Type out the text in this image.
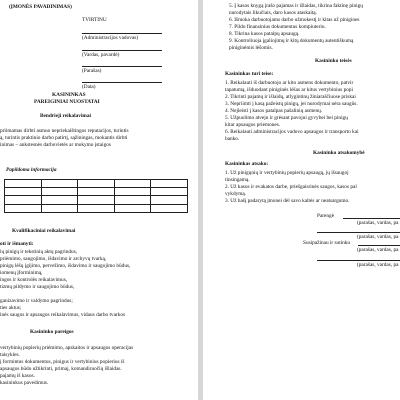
(ĮMONĖS PAVADINIMAS)
TVIRTINU
(Administracijos vadovas)
(Vardas, pavardė)
(Parašas)
(Data)
KASININKAS
PAREIGINIAI NUOSTATAI
Bendrieji reikalavimai
priimamas dirbti asmuo nepriekaištingos reputacijos, turintis
ą, turintis praktinio darbo patirtį, sąžiningas, mokantis dirbti
inimas – ankstesnės darbovietės ar mokymo įstaigos
Papildoma informacija

Kvalifikaciniai reikalavimai
oti ir išmanyti:
ių pinigų ir tekstinių aktų pagrindus,
priėmimo, saugojimo, išdavimo ir archyvų tvarką,
pinigų lėšų įgijimo, pervežimo, išdavimo ir saugojimo būdus,
iomenų įforminimą,
ingos ir kontrolės reikalavimus,
tizmų pildymo ir saugojimo būdus,
ganizavimo ir valdymo pagrindus;
ties aktus;
inės saugos ir apsaugos reikalavimus, vidaus darbo tvarkos
Kasininko pareigos
vertybinių popierių priėmimo, apskaitos ir apsaugos operacijas
taisykles.
į formintus dokumentus, pinigus ir vertybinius popierius iš
apsaugos būdo užtikrinti, primaj, komandiruočių išlaidas.
pajamų iš kasos.
kasininkus pavedimus.
5. Į kasos knygą įrašo pajamas ir išlaidas, tikrina faktinę pinigų
nurodytais likučiais, daro kasos ataskaitą.
6. Išmoka darbuotojams darbo užmokestį ir kitas už pinigines
7. Pildo finansinius dokumentus kompiuteriu.
8. Tikrina kasos patalpų apsaugą.
9. Kontroliuoja įgaliojimų ir kitų dokumentų autentiškumą
piniginėmis lėšomis.
Kasininko teisės
Kasininkas turi teise:
1. Reikalauti iš darbuotojo ar kito asmens dokumento, patvir
tapatumą, išduodant piniginės lėšas ar kitus vertybinius popi
2. Tikrinti pajamų ir išlaidų, atlygintinų žiniaraščiuose priskai
3. Nepriimti į kasą pažeistų pinigų, jei nurodymai nėra saugūs.
4. Nejleisti į kasos patalpas pašalinių asmenų.
5. Užpuolimo atveju ir grėsant pavojui gyvybei bei pinigų
kitar apsaugos priemones.
6. Reikalauti administracijos vadovo apsaugos ir transporto kai
banko.
Kasininko atsakomybė
Kasininkas atsako:
1. Už pinigųnių ir vertybinių popierių apsaugą, jų išsaugoj
tinsingamą.
2. Už kasos ir evakatos darbe, priešgaisrinės saugos, kasos pal
vykdymą.
3. Už bašį padarytą įmonei dėl savo kaltės ar neatsargumo.
Parengė
(parašas, vardas, pa
(parašas, vardas, pa
Susipažinau ir sutinku
(parašas, vardas, pa
(parašas, vardas, pa
